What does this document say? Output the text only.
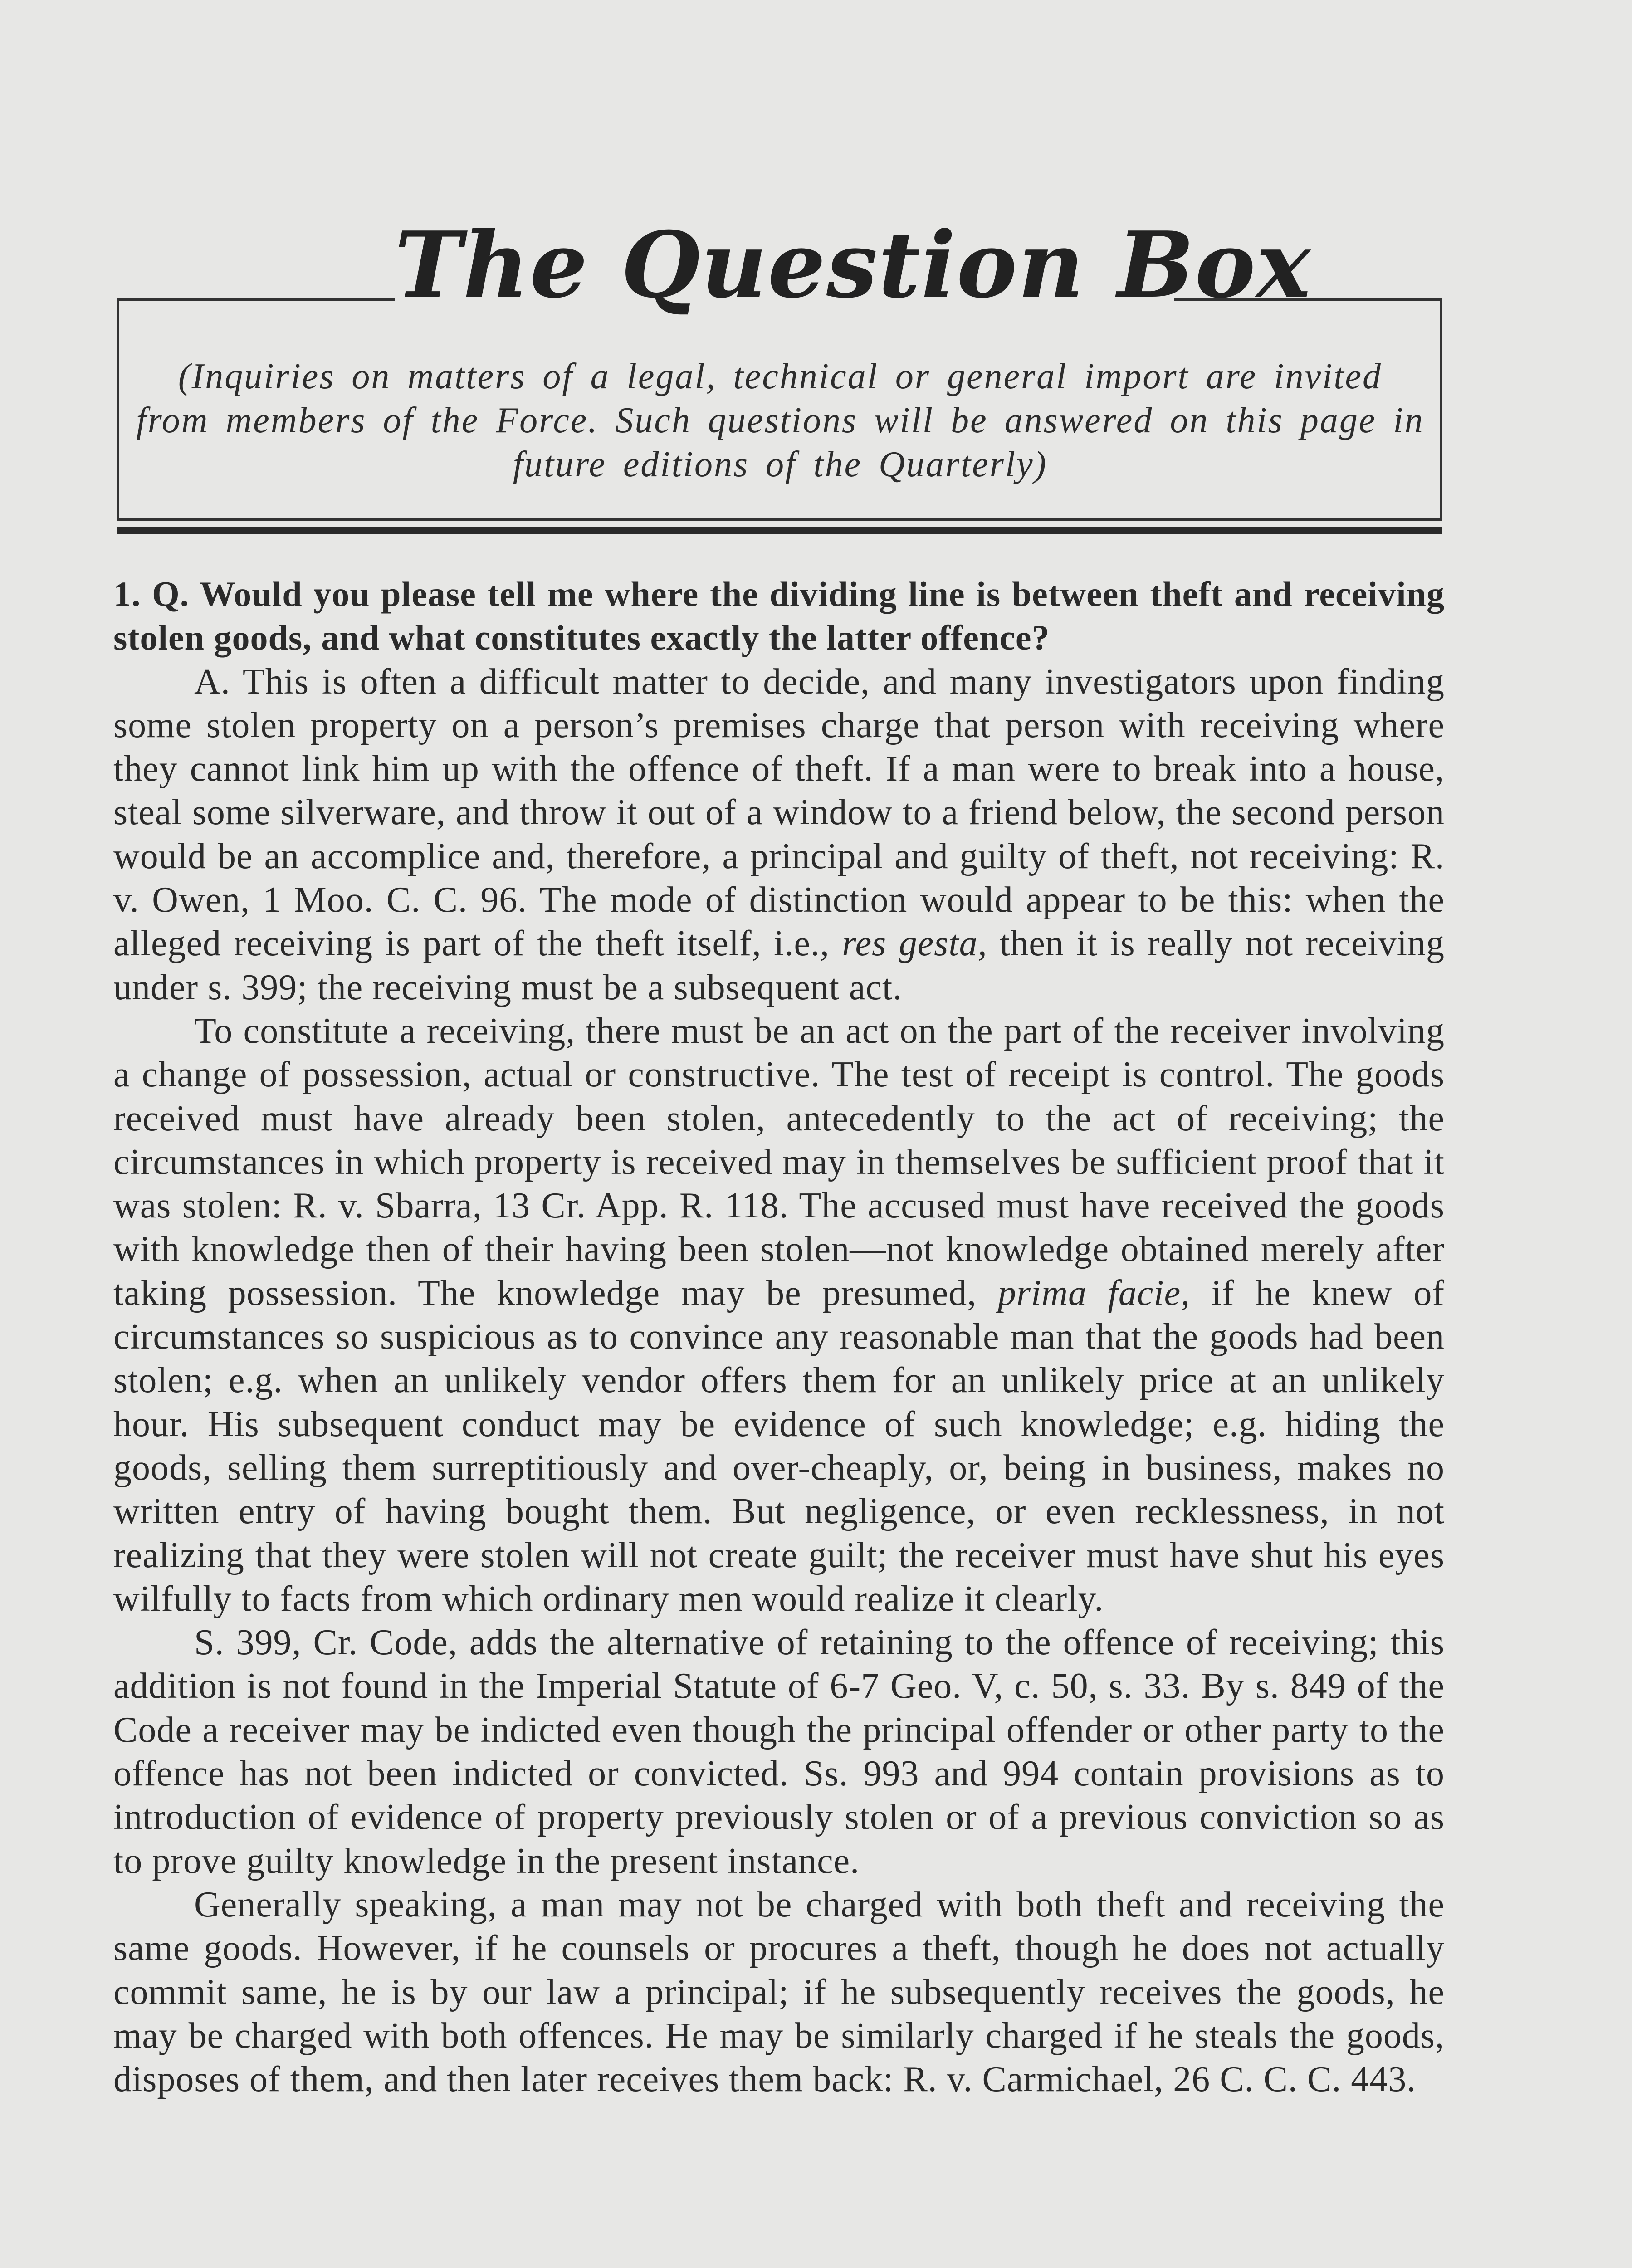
The Question Box
(Inquiries on matters of a legal, technical or general import are invited from members of the Force. Such questions will be answered on this page in future editions of the Quarterly)

1. Q. Would you please tell me where the dividing line is between theft and receiving stolen goods, and what constitutes exactly the latter offence?

A. This is often a difficult matter to decide, and many investigators upon finding some stolen property on a person’s premises charge that person with receiving where they cannot link him up with the offence of theft. If a man were to break into a house, steal some silverware, and throw it out of a window to a friend below, the second person would be an accomplice and, therefore, a principal and guilty of theft, not receiving: R. v. Owen, 1 Moo. C. C. 96. The mode of distinction would appear to be this: when the alleged receiving is part of the theft itself, i.e., res gesta, then it is really not receiving under s. 399; the receiving must be a subsequent act.

To constitute a receiving, there must be an act on the part of the receiver involving a change of possession, actual or constructive. The test of receipt is control. The goods received must have already been stolen, antecedently to the act of receiving; the circumstances in which property is received may in themselves be sufficient proof that it was stolen: R. v. Sbarra, 13 Cr. App. R. 118. The accused must have received the goods with knowledge then of their having been stolen—not knowledge obtained merely after taking possession. The knowledge may be presumed, prima facie, if he knew of circumstances so suspicious as to convince any reasonable man that the goods had been stolen; e.g. when an unlikely vendor offers them for an unlikely price at an unlikely hour. His subsequent conduct may be evidence of such knowledge; e.g. hiding the goods, selling them surreptitiously and over-cheaply, or, being in business, makes no written entry of having bought them. But negligence, or even recklessness, in not realizing that they were stolen will not create guilt; the receiver must have shut his eyes wilfully to facts from which ordinary men would realize it clearly.

S. 399, Cr. Code, adds the alternative of retaining to the offence of receiving; this addition is not found in the Imperial Statute of 6-7 Geo. V, c. 50, s. 33. By s. 849 of the Code a receiver may be indicted even though the principal offender or other party to the offence has not been indicted or convicted. Ss. 993 and 994 contain provisions as to introduction of evidence of property previously stolen or of a previous conviction so as to prove guilty knowledge in the present instance.

Generally speaking, a man may not be charged with both theft and receiving the same goods. However, if he counsels or procures a theft, though he does not actually commit same, he is by our law a principal; if he subsequently receives the goods, he may be charged with both offences. He may be similarly charged if he steals the goods, disposes of them, and then later receives them back: R. v. Carmichael, 26 C. C. C. 443.
